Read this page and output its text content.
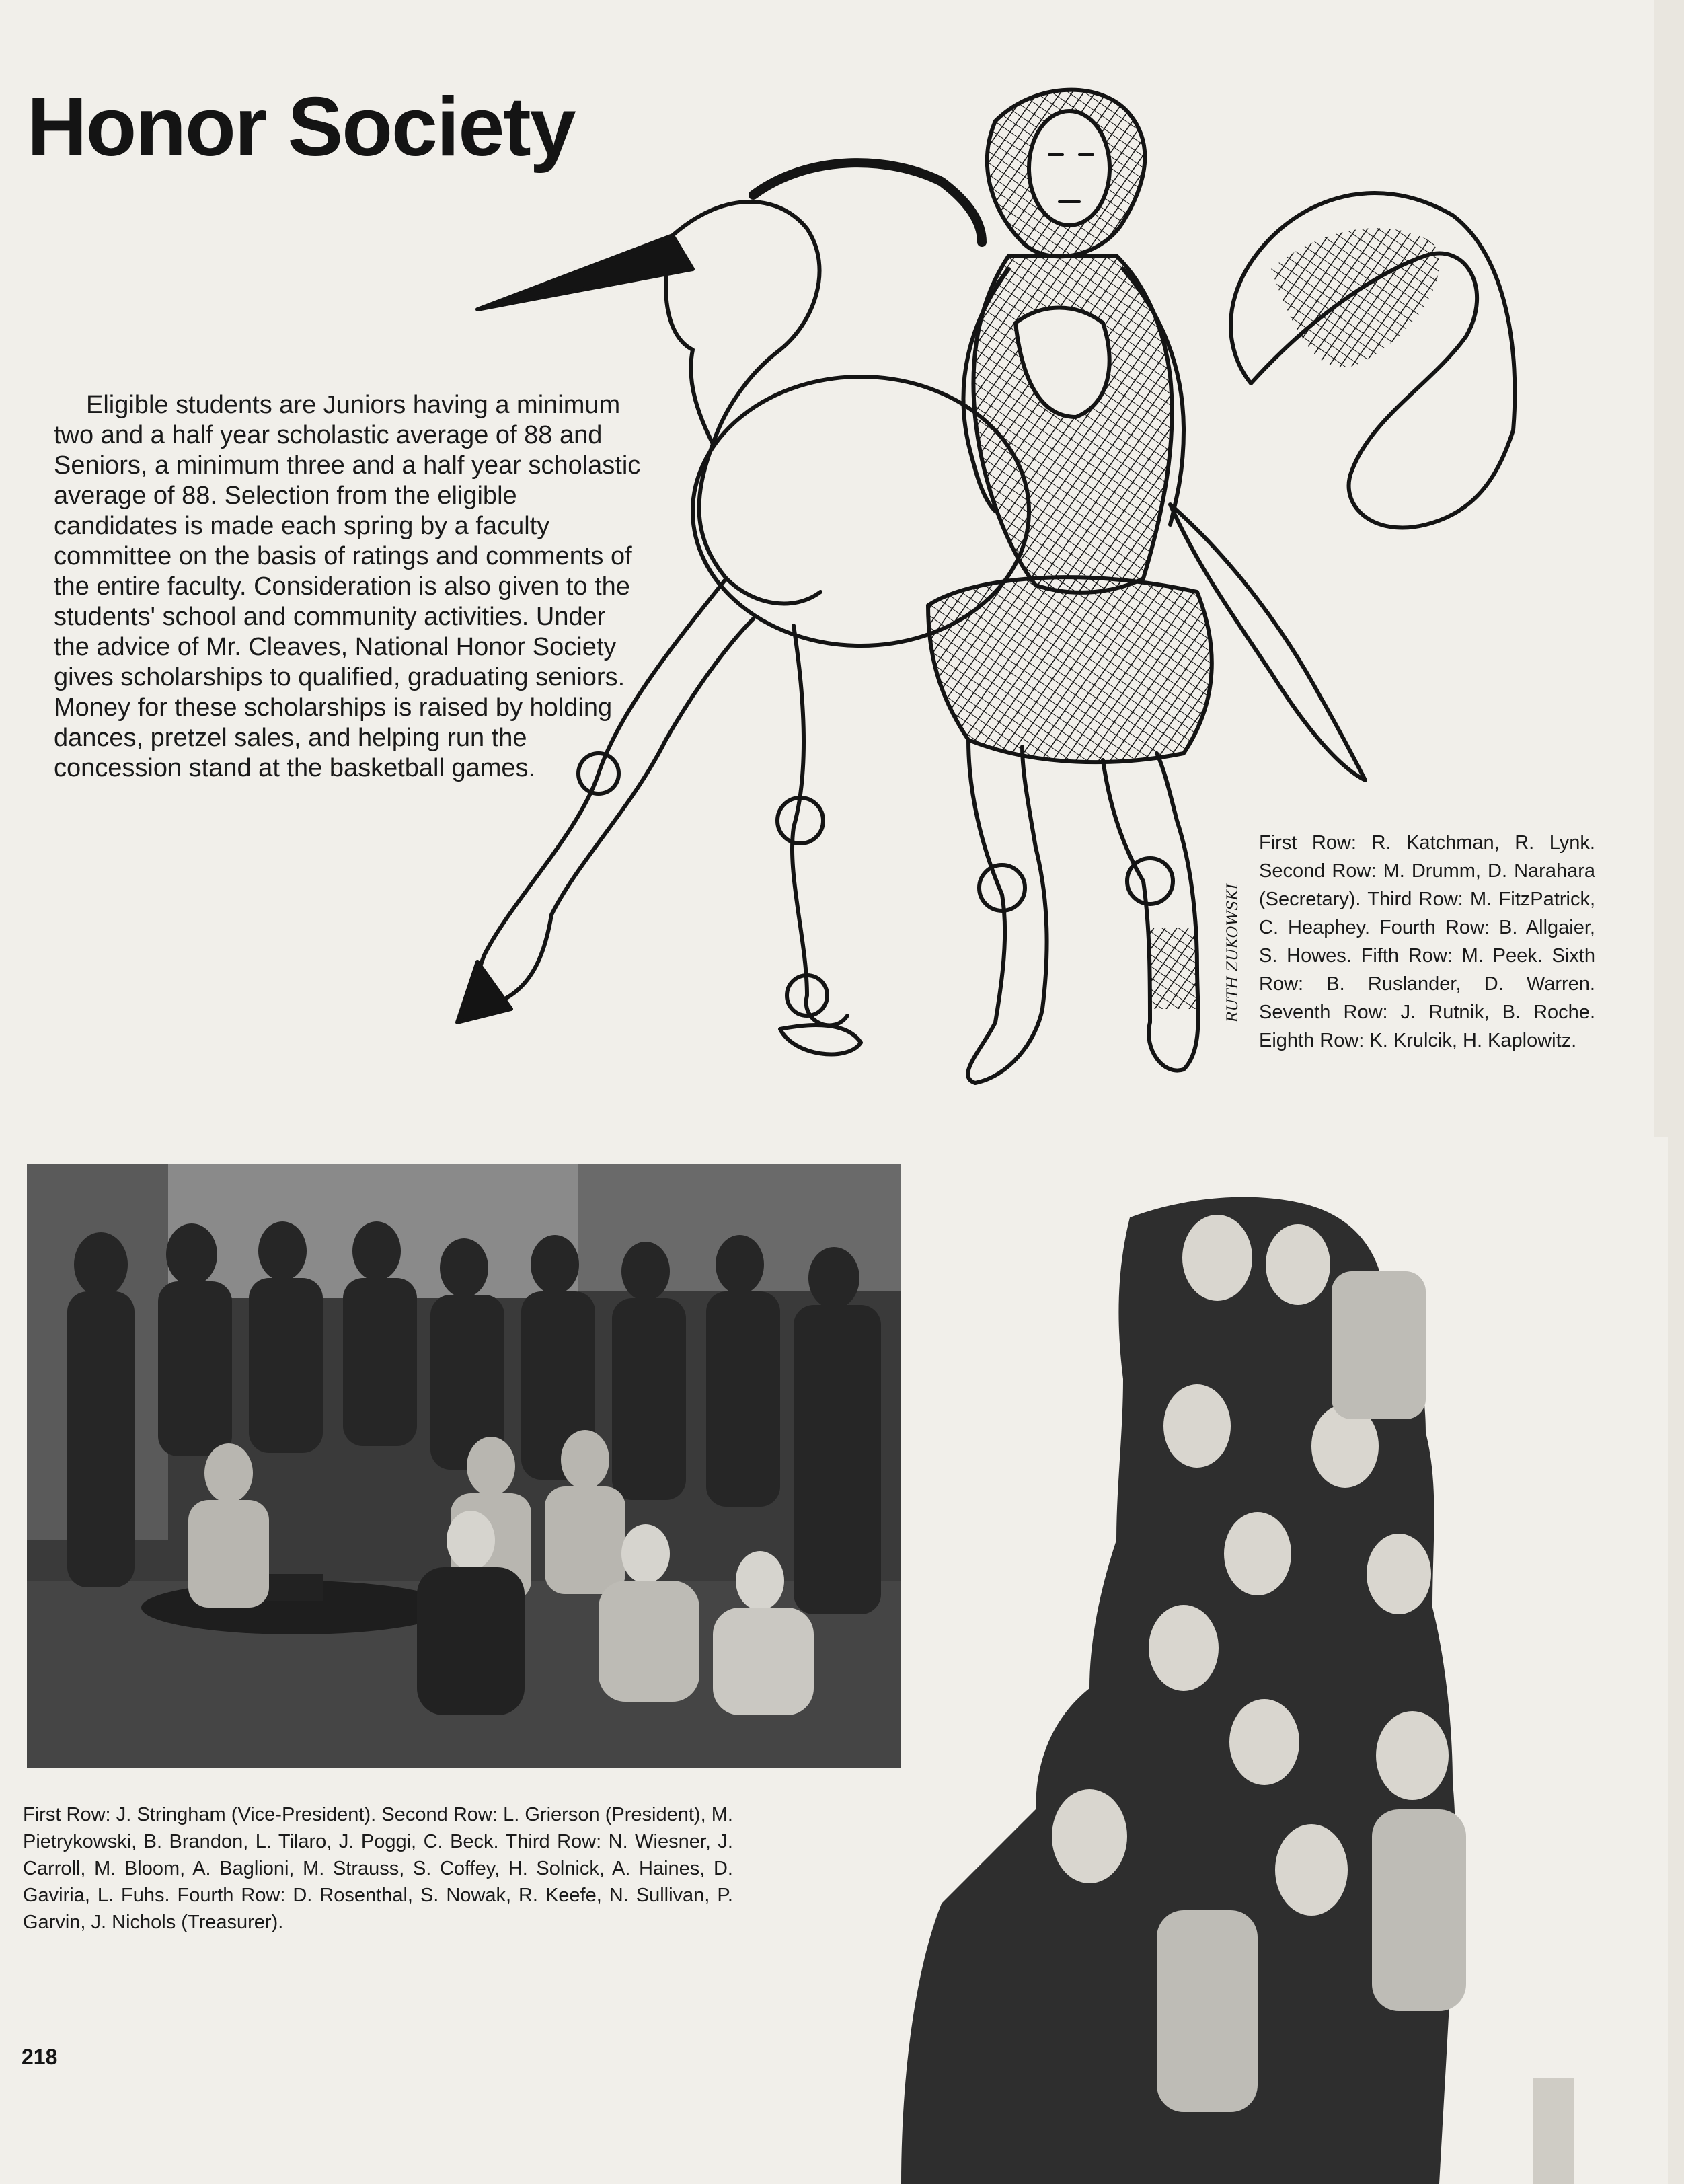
Honor Society

Eligible students are Juniors having a minimum two and a half year scholastic average of 88 and Seniors, a minimum three and a half year scholastic average of 88. Selection from the eligible candidates is made each spring by a faculty committee on the basis of ratings and comments of the entire faculty. Consideration is also given to the students' school and community activities. Under the advice of Mr. Cleaves, National Honor Society gives scholarships to qualified, graduating seniors. Money for these scholarships is raised by holding dances, pretzel sales, and helping run the concession stand at the basketball games.

RUTH ZUKOWSKI

First Row: R. Katchman, R. Lynk. Second Row: M. Drumm, D. Narahara (Secretary). Third Row: M. FitzPatrick, C. Heaphey. Fourth Row: B. Allgaier, S. Howes. Fifth Row: M. Peek. Sixth Row: B. Ruslander, D. Warren. Seventh Row: J. Rutnik, B. Roche. Eighth Row: K. Krulcik, H. Kaplowitz.

First Row: J. Stringham (Vice-President). Second Row: L. Grierson (President), M. Pietrykowski, B. Brandon, L. Tilaro, J. Poggi, C. Beck. Third Row: N. Wiesner, J. Carroll, M. Bloom, A. Baglioni, M. Strauss, S. Coffey, H. Solnick, A. Haines, D. Gaviria, L. Fuhs. Fourth Row: D. Rosenthal, S. Nowak, R. Keefe, N. Sullivan, P. Garvin, J. Nichols (Treasurer).

218
